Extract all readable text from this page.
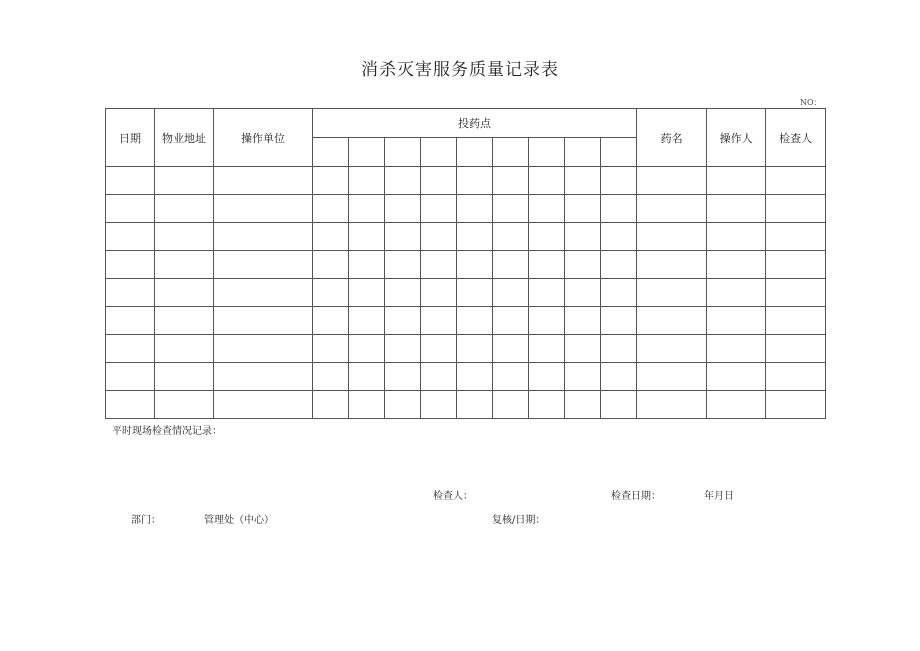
消杀灭害服务质量记录表
NO：
日期	物业地址	操作单位	投药点									药名	操作人	检查人

平时现场检查情况记录：
检查人：	检查日期：	年月日
部门：	管理处（中心）	复核/日期：
